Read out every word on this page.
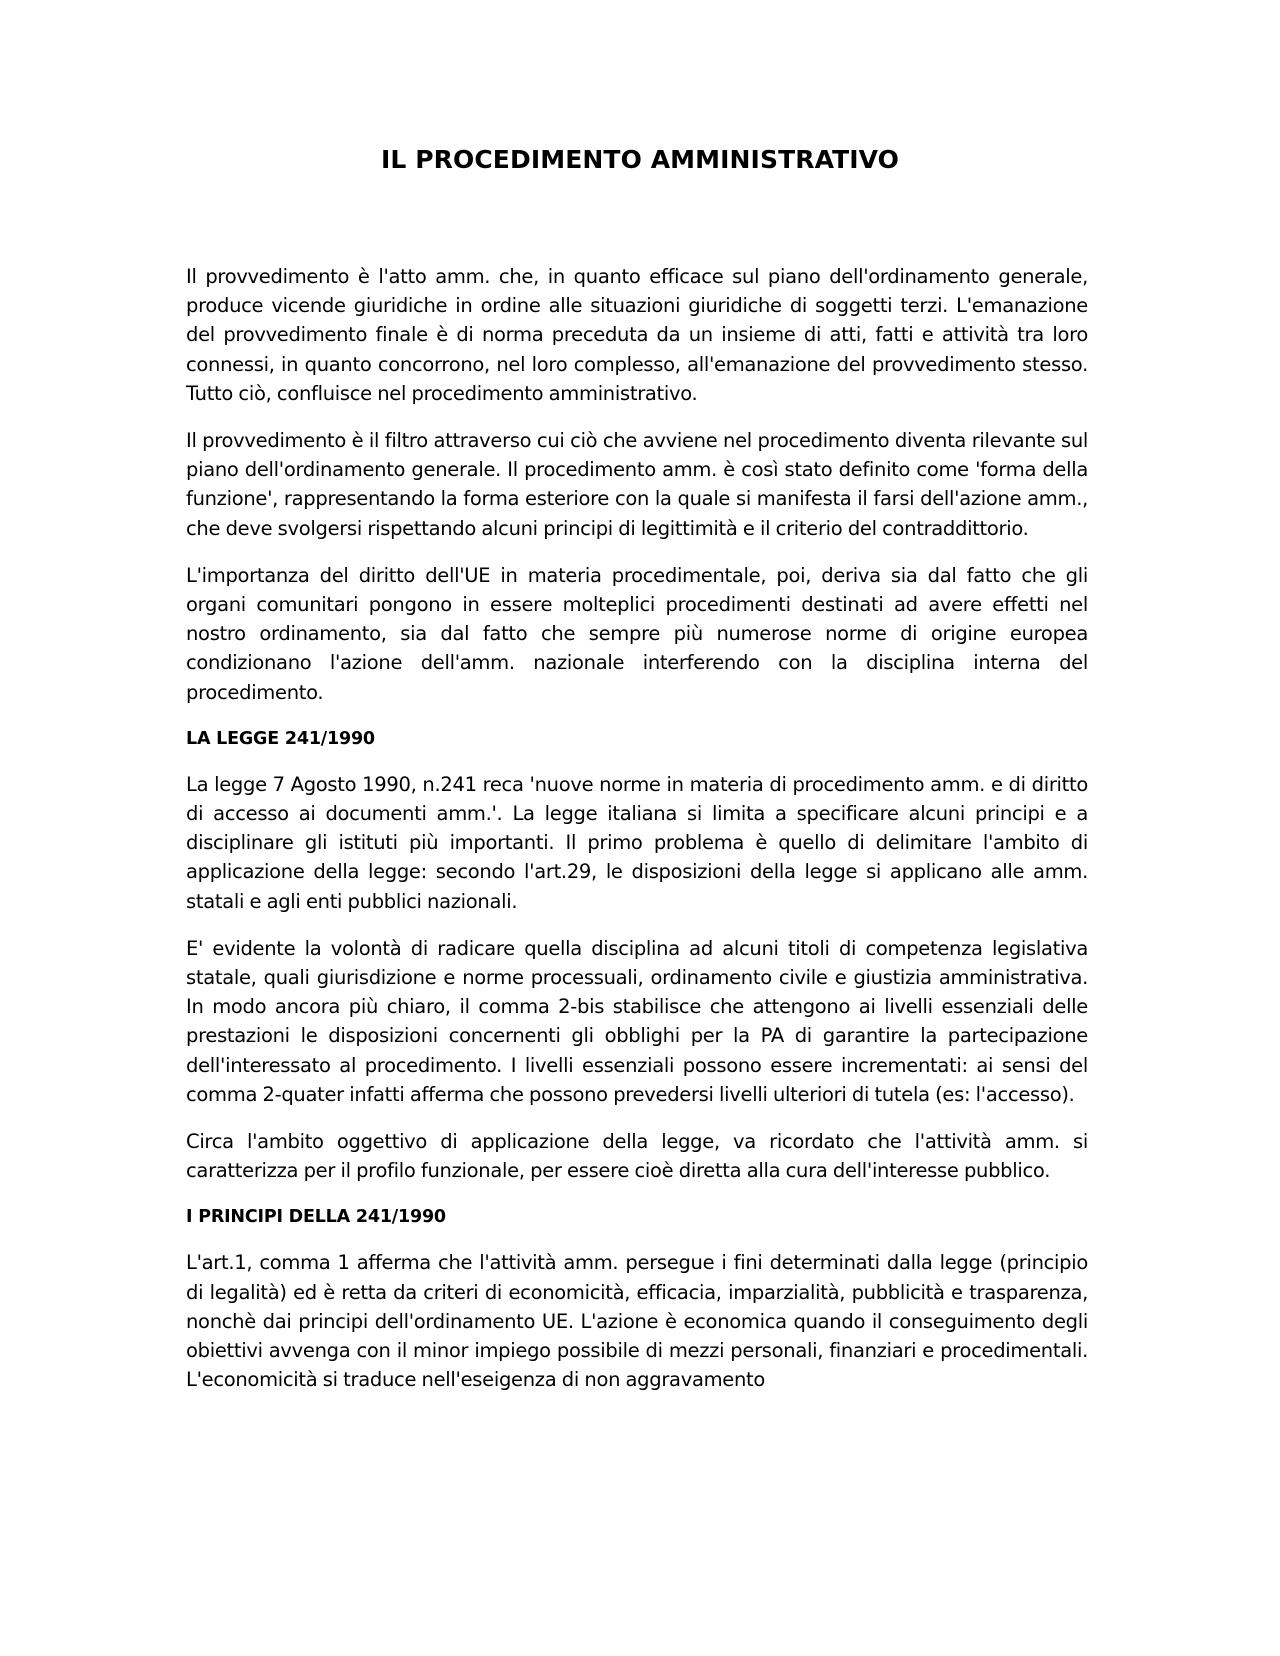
IL PROCEDIMENTO AMMINISTRATIVO

Il provvedimento è l'atto amm. che, in quanto efficace sul piano dell'ordinamento generale, produce vicende giuridiche in ordine alle situazioni giuridiche di soggetti terzi. L'emanazione del provvedimento finale è di norma preceduta da un insieme di atti, fatti e attività tra loro connessi, in quanto concorrono, nel loro complesso, all'emanazione del provvedimento stesso. Tutto ciò, confluisce nel procedimento amministrativo.

Il provvedimento è il filtro attraverso cui ciò che avviene nel procedimento diventa rilevante sul piano dell'ordinamento generale. Il procedimento amm. è così stato definito come 'forma della funzione', rappresentando la forma esteriore con la quale si manifesta il farsi dell'azione amm., che deve svolgersi rispettando alcuni principi di legittimità e il criterio del contraddittorio.

L'importanza del diritto dell'UE in materia procedimentale, poi, deriva sia dal fatto che gli organi comunitari pongono in essere molteplici procedimenti destinati ad avere effetti nel nostro ordinamento, sia dal fatto che sempre più numerose norme di origine europea condizionano l'azione dell'amm. nazionale interferendo con la disciplina interna del procedimento.

LA LEGGE 241/1990

La legge 7 Agosto 1990, n.241 reca 'nuove norme in materia di procedimento amm. e di diritto di accesso ai documenti amm.'. La legge italiana si limita a specificare alcuni principi e a disciplinare gli istituti più importanti. Il primo problema è quello di delimitare l'ambito di applicazione della legge: secondo l'art.29, le disposizioni della legge si applicano alle amm. statali e agli enti pubblici nazionali.

E' evidente la volontà di radicare quella disciplina ad alcuni titoli di competenza legislativa statale, quali giurisdizione e norme processuali, ordinamento civile e giustizia amministrativa. In modo ancora più chiaro, il comma 2-bis stabilisce che attengono ai livelli essenziali delle prestazioni le disposizioni concernenti gli obblighi per la PA di garantire la partecipazione dell'interessato al procedimento. I livelli essenziali possono essere incrementati: ai sensi del comma 2-quater infatti afferma che possono prevedersi livelli ulteriori di tutela (es: l'accesso).

Circa l'ambito oggettivo di applicazione della legge, va ricordato che l'attività amm. si caratterizza per il profilo funzionale, per essere cioè diretta alla cura dell'interesse pubblico.

I PRINCIPI DELLA 241/1990

L'art.1, comma 1 afferma che l'attività amm. persegue i fini determinati dalla legge (principio di legalità) ed è retta da criteri di economicità, efficacia, imparzialità, pubblicità e trasparenza, nonchè dai principi dell'ordinamento UE. L'azione è economica quando il conseguimento degli obiettivi avvenga con il minor impiego possibile di mezzi personali, finanziari e procedimentali. L'economicità si traduce nell'eseigenza di non aggravamento
